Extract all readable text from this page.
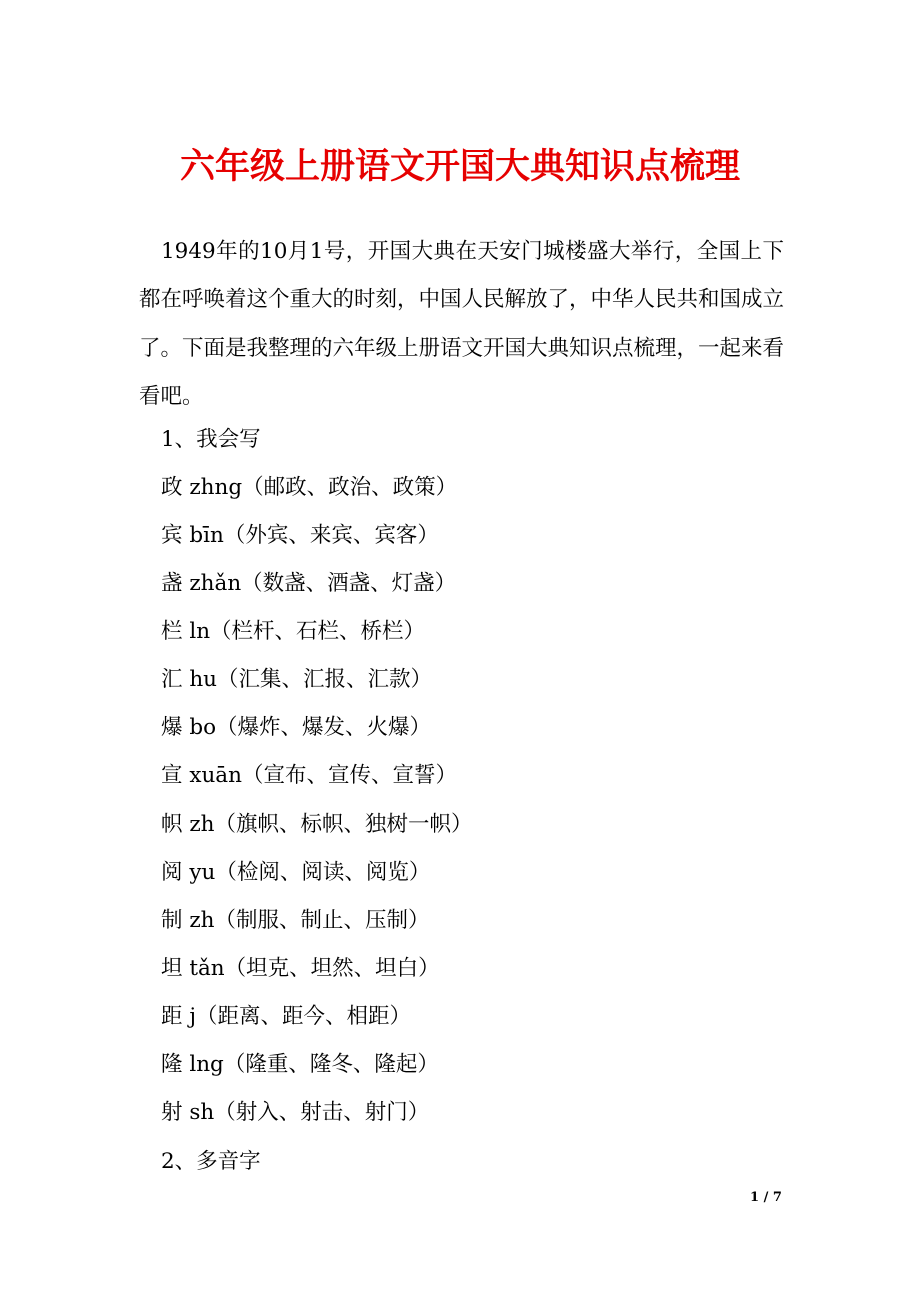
六年级上册语文开国大典知识点梳理

1949年的10月1号，开国大典在天安门城楼盛大举行，全国上下都在呼唤着这个重大的时刻，中国人民解放了，中华人民共和国成立了。下面是我整理的六年级上册语文开国大典知识点梳理，一起来看看吧。

1、我会写
政 zhng（邮政、政治、政策）
宾 bīn（外宾、来宾、宾客）
盏 zhǎn（数盏、酒盏、灯盏）
栏 ln（栏杆、石栏、桥栏）
汇 hu（汇集、汇报、汇款）
爆 bo（爆炸、爆发、火爆）
宣 xuān（宣布、宣传、宣誓）
帜 zh（旗帜、标帜、独树一帜）
阅 yu（检阅、阅读、阅览）
制 zh（制服、制止、压制）
坦 tǎn（坦克、坦然、坦白）
距 j（距离、距今、相距）
隆 lng（隆重、隆冬、隆起）
射 sh（射入、射击、射门）
2、多音字
1 / 7
